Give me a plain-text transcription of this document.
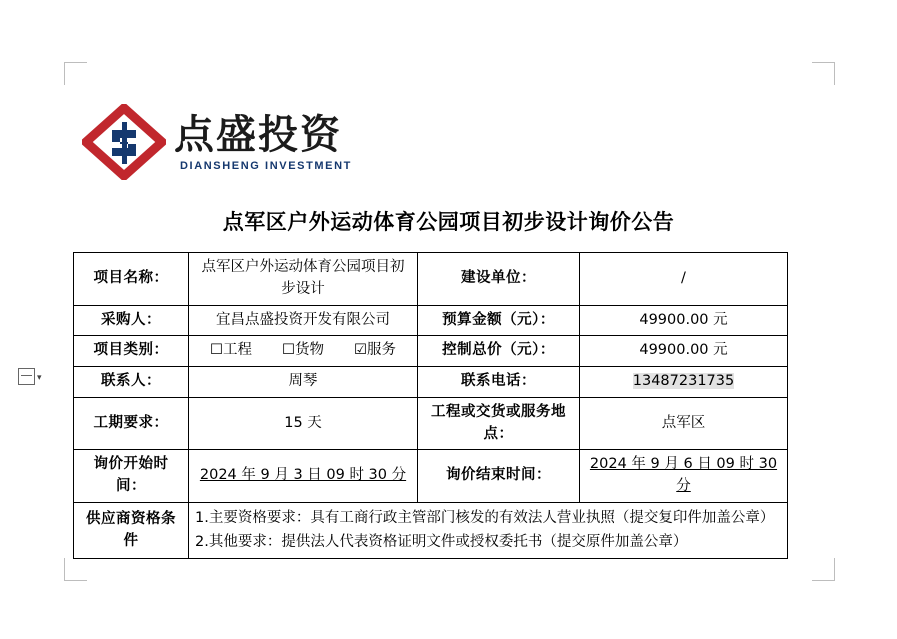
▾
点盛投资
DIANSHENG INVESTMENT
点军区户外运动体育公园项目初步设计询价公告
项目名称：	点军区户外运动体育公园项目初步设计	建设单位：	/
采购人：	宜昌点盛投资开发有限公司	预算金额（元）：	49900.00 元
项目类别：	☐工程 ☐货物 ☑服务	控制总价（元）：	49900.00 元
联系人：	周琴	联系电话：	13487231735
工期要求：	15 天	工程或交货或服务地点：	点军区
询价开始时间：	2024 年 9 月 3 日 09 时 30 分	询价结束时间：	2024 年 9 月 6 日 09 时 30 分
供应商资格条件	1.主要资格要求：具有工商行政主管部门核发的有效法人营业执照（提交复印件加盖公章）
2.其他要求：提供法人代表资格证明文件或授权委托书（提交原件加盖公章）		
